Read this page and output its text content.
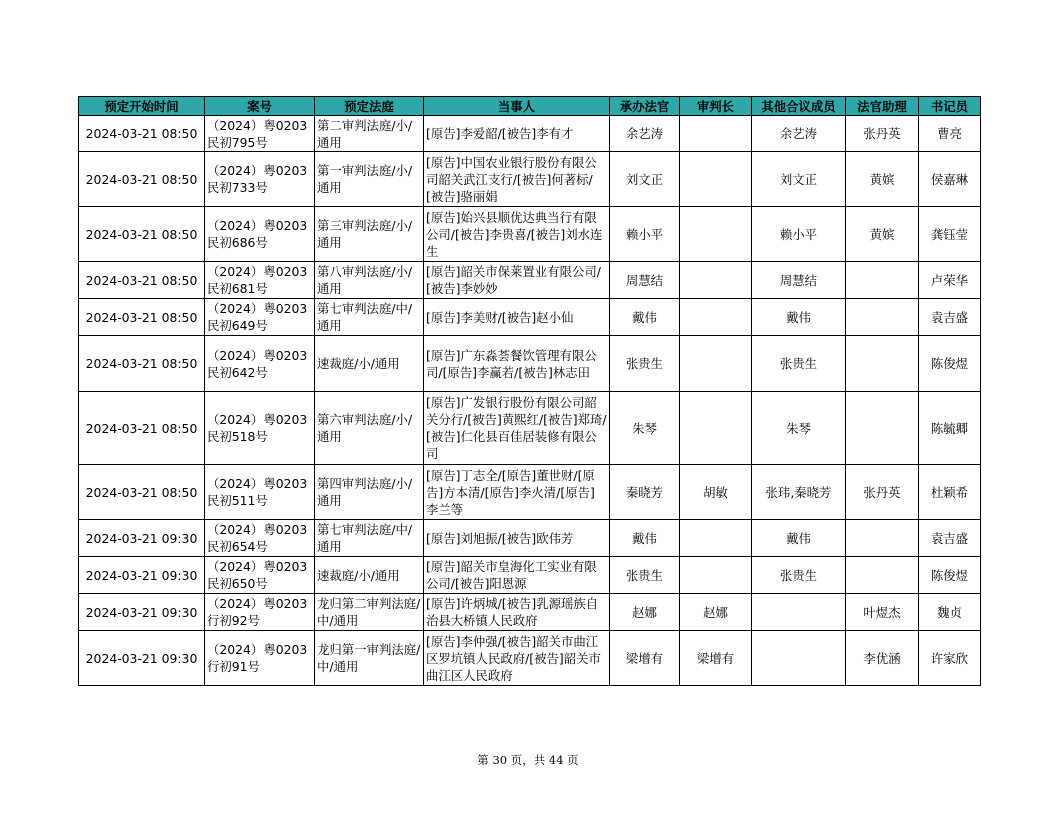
预定开始时间	案号	预定法庭	当事人	承办法官	审判长	其他合议成员	法官助理	书记员
2024-03-21 08:50	（2024）粤0203民初795号	第二审判法庭/小/通用	[原告]李爱韶/[被告]李有才	余艺涛		余艺涛	张丹英	曹亮
2024-03-21 08:50	（2024）粤0203民初733号	第一审判法庭/小/通用	[原告]中国农业银行股份有限公司韶关武江支行/[被告]何著标/[被告]骆丽娟	刘文正		刘文正	黄嫔	侯嘉琳
2024-03-21 08:50	（2024）粤0203民初686号	第三审判法庭/小/通用	[原告]始兴县顺优达典当行有限公司/[被告]李贵喜/[被告]刘水连生	赖小平		赖小平	黄嫔	龚钰莹
2024-03-21 08:50	（2024）粤0203民初681号	第八审判法庭/小/通用	[原告]韶关市保莱置业有限公司/[被告]李妙妙	周慧结		周慧结		卢荣华
2024-03-21 08:50	（2024）粤0203民初649号	第七审判法庭/中/通用	[原告]李美财/[被告]赵小仙	戴伟		戴伟		袁吉盛
2024-03-21 08:50	（2024）粤0203民初642号	速裁庭/小/通用	[原告]广东淼荟餐饮管理有限公司/[原告]李赢若/[被告]林志田	张贵生		张贵生		陈俊煜
2024-03-21 08:50	（2024）粤0203民初518号	第六审判法庭/小/通用	[原告]广发银行股份有限公司韶关分行/[被告]黄熙红/[被告]郑琦/[被告]仁化县百佳居装修有限公司	朱琴		朱琴		陈毓卿
2024-03-21 08:50	（2024）粤0203民初511号	第四审判法庭/小/通用	[原告]丁志全/[原告]董世财/[原告]方本清/[原告]李火清/[原告]李兰等	秦晓芳	胡敏	张玮,秦晓芳	张丹英	杜颖希
2024-03-21 09:30	（2024）粤0203民初654号	第七审判法庭/中/通用	[原告]刘旭振/[被告]欧伟芳	戴伟		戴伟		袁吉盛
2024-03-21 09:30	（2024）粤0203民初650号	速裁庭/小/通用	[原告]韶关市皇海化工实业有限公司/[被告]阳恩源	张贵生		张贵生		陈俊煜
2024-03-21 09:30	（2024）粤0203行初92号	龙归第二审判法庭/中/通用	[原告]许炳城/[被告]乳源瑶族自治县大桥镇人民政府	赵娜	赵娜		叶煜杰	魏贞
2024-03-21 09:30	（2024）粤0203行初91号	龙归第一审判法庭/中/通用	[原告]李仲强/[被告]韶关市曲江区罗坑镇人民政府/[被告]韶关市曲江区人民政府	梁增有	梁增有		李优涵	许家欣
第 30 页，共 44 页
